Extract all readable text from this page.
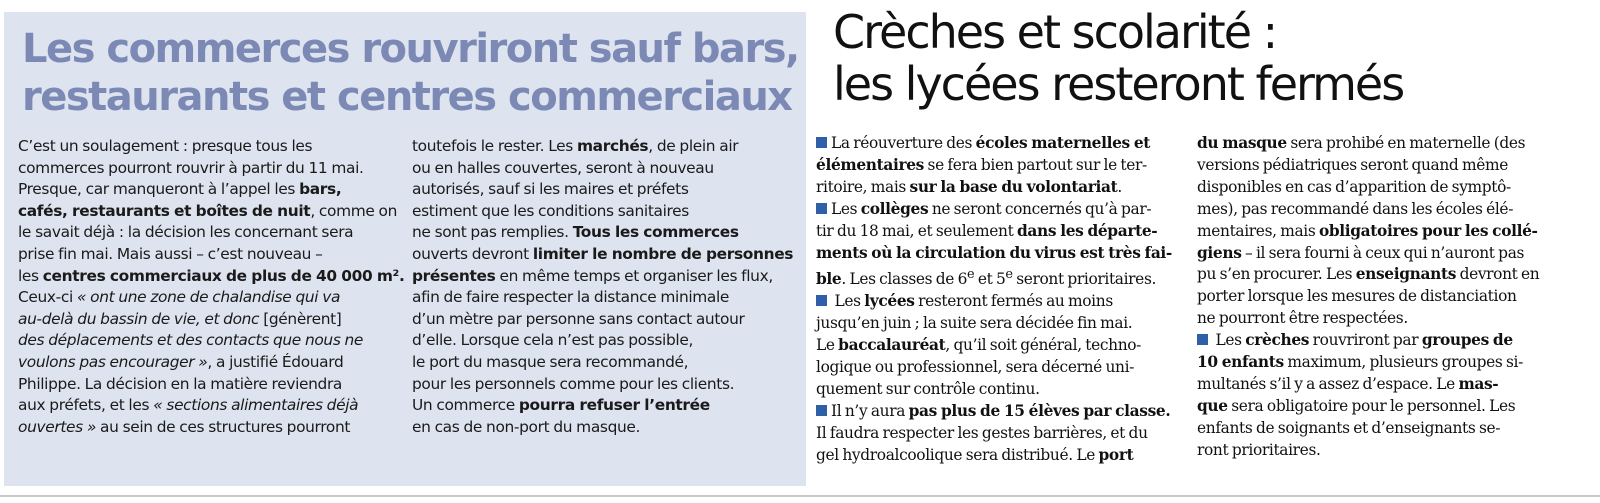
Les commerces rouvriront sauf bars,
restaurants et centres commerciaux

C’est un soulagement : presque tous les
commerces pourront rouvrir à partir du 11 mai.
Presque, car manqueront à l’appel les bars,
cafés, restaurants et boîtes de nuit, comme on
le savait déjà : la décision les concernant sera
prise fin mai. Mais aussi – c’est nouveau –
les centres commerciaux de plus de 40 000 m².
Ceux-ci « ont une zone de chalandise qui va
au-delà du bassin de vie, et donc [génèrent]
des déplacements et des contacts que nous ne
voulons pas encourager », a justifié Édouard
Philippe. La décision en la matière reviendra
aux préfets, et les « sections alimentaires déjà
ouvertes » au sein de ces structures pourront

toutefois le rester. Les marchés, de plein air
ou en halles couvertes, seront à nouveau
autorisés, sauf si les maires et préfets
estiment que les conditions sanitaires
ne sont pas remplies. Tous les commerces
ouverts devront limiter le nombre de personnes
présentes en même temps et organiser les flux,
afin de faire respecter la distance minimale
d’un mètre par personne sans contact autour
d’elle. Lorsque cela n’est pas possible,
le port du masque sera recommandé,
pour les personnels comme pour les clients.
Un commerce pourra refuser l’entrée
en cas de non-port du masque.

Crèches et scolarité :
les lycées resteront fermés

La réouverture des écoles maternelles et
élémentaires se fera bien partout sur le ter-
ritoire, mais sur la base du volontariat.
Les collèges ne seront concernés qu’à par-
tir du 18 mai, et seulement dans les départe-
ments où la circulation du virus est très fai-
ble. Les classes de 6e et 5e seront prioritaires.
Les lycées resteront fermés au moins
jusqu’en juin ; la suite sera décidée fin mai.
Le baccalauréat, qu’il soit général, techno-
logique ou professionnel, sera décerné uni-
quement sur contrôle continu.
Il n’y aura pas plus de 15 élèves par classe.
Il faudra respecter les gestes barrières, et du
gel hydroalcoolique sera distribué. Le port

du masque sera prohibé en maternelle (des
versions pédiatriques seront quand même
disponibles en cas d’apparition de symptô-
mes), pas recommandé dans les écoles élé-
mentaires, mais obligatoires pour les collé-
giens – il sera fourni à ceux qui n’auront pas
pu s’en procurer. Les enseignants devront en
porter lorsque les mesures de distanciation
ne pourront être respectées.
Les crèches rouvriront par groupes de
10 enfants maximum, plusieurs groupes si-
multanés s’il y a assez d’espace. Le mas-
que sera obligatoire pour le personnel. Les
enfants de soignants et d’enseignants se-
ront prioritaires.
